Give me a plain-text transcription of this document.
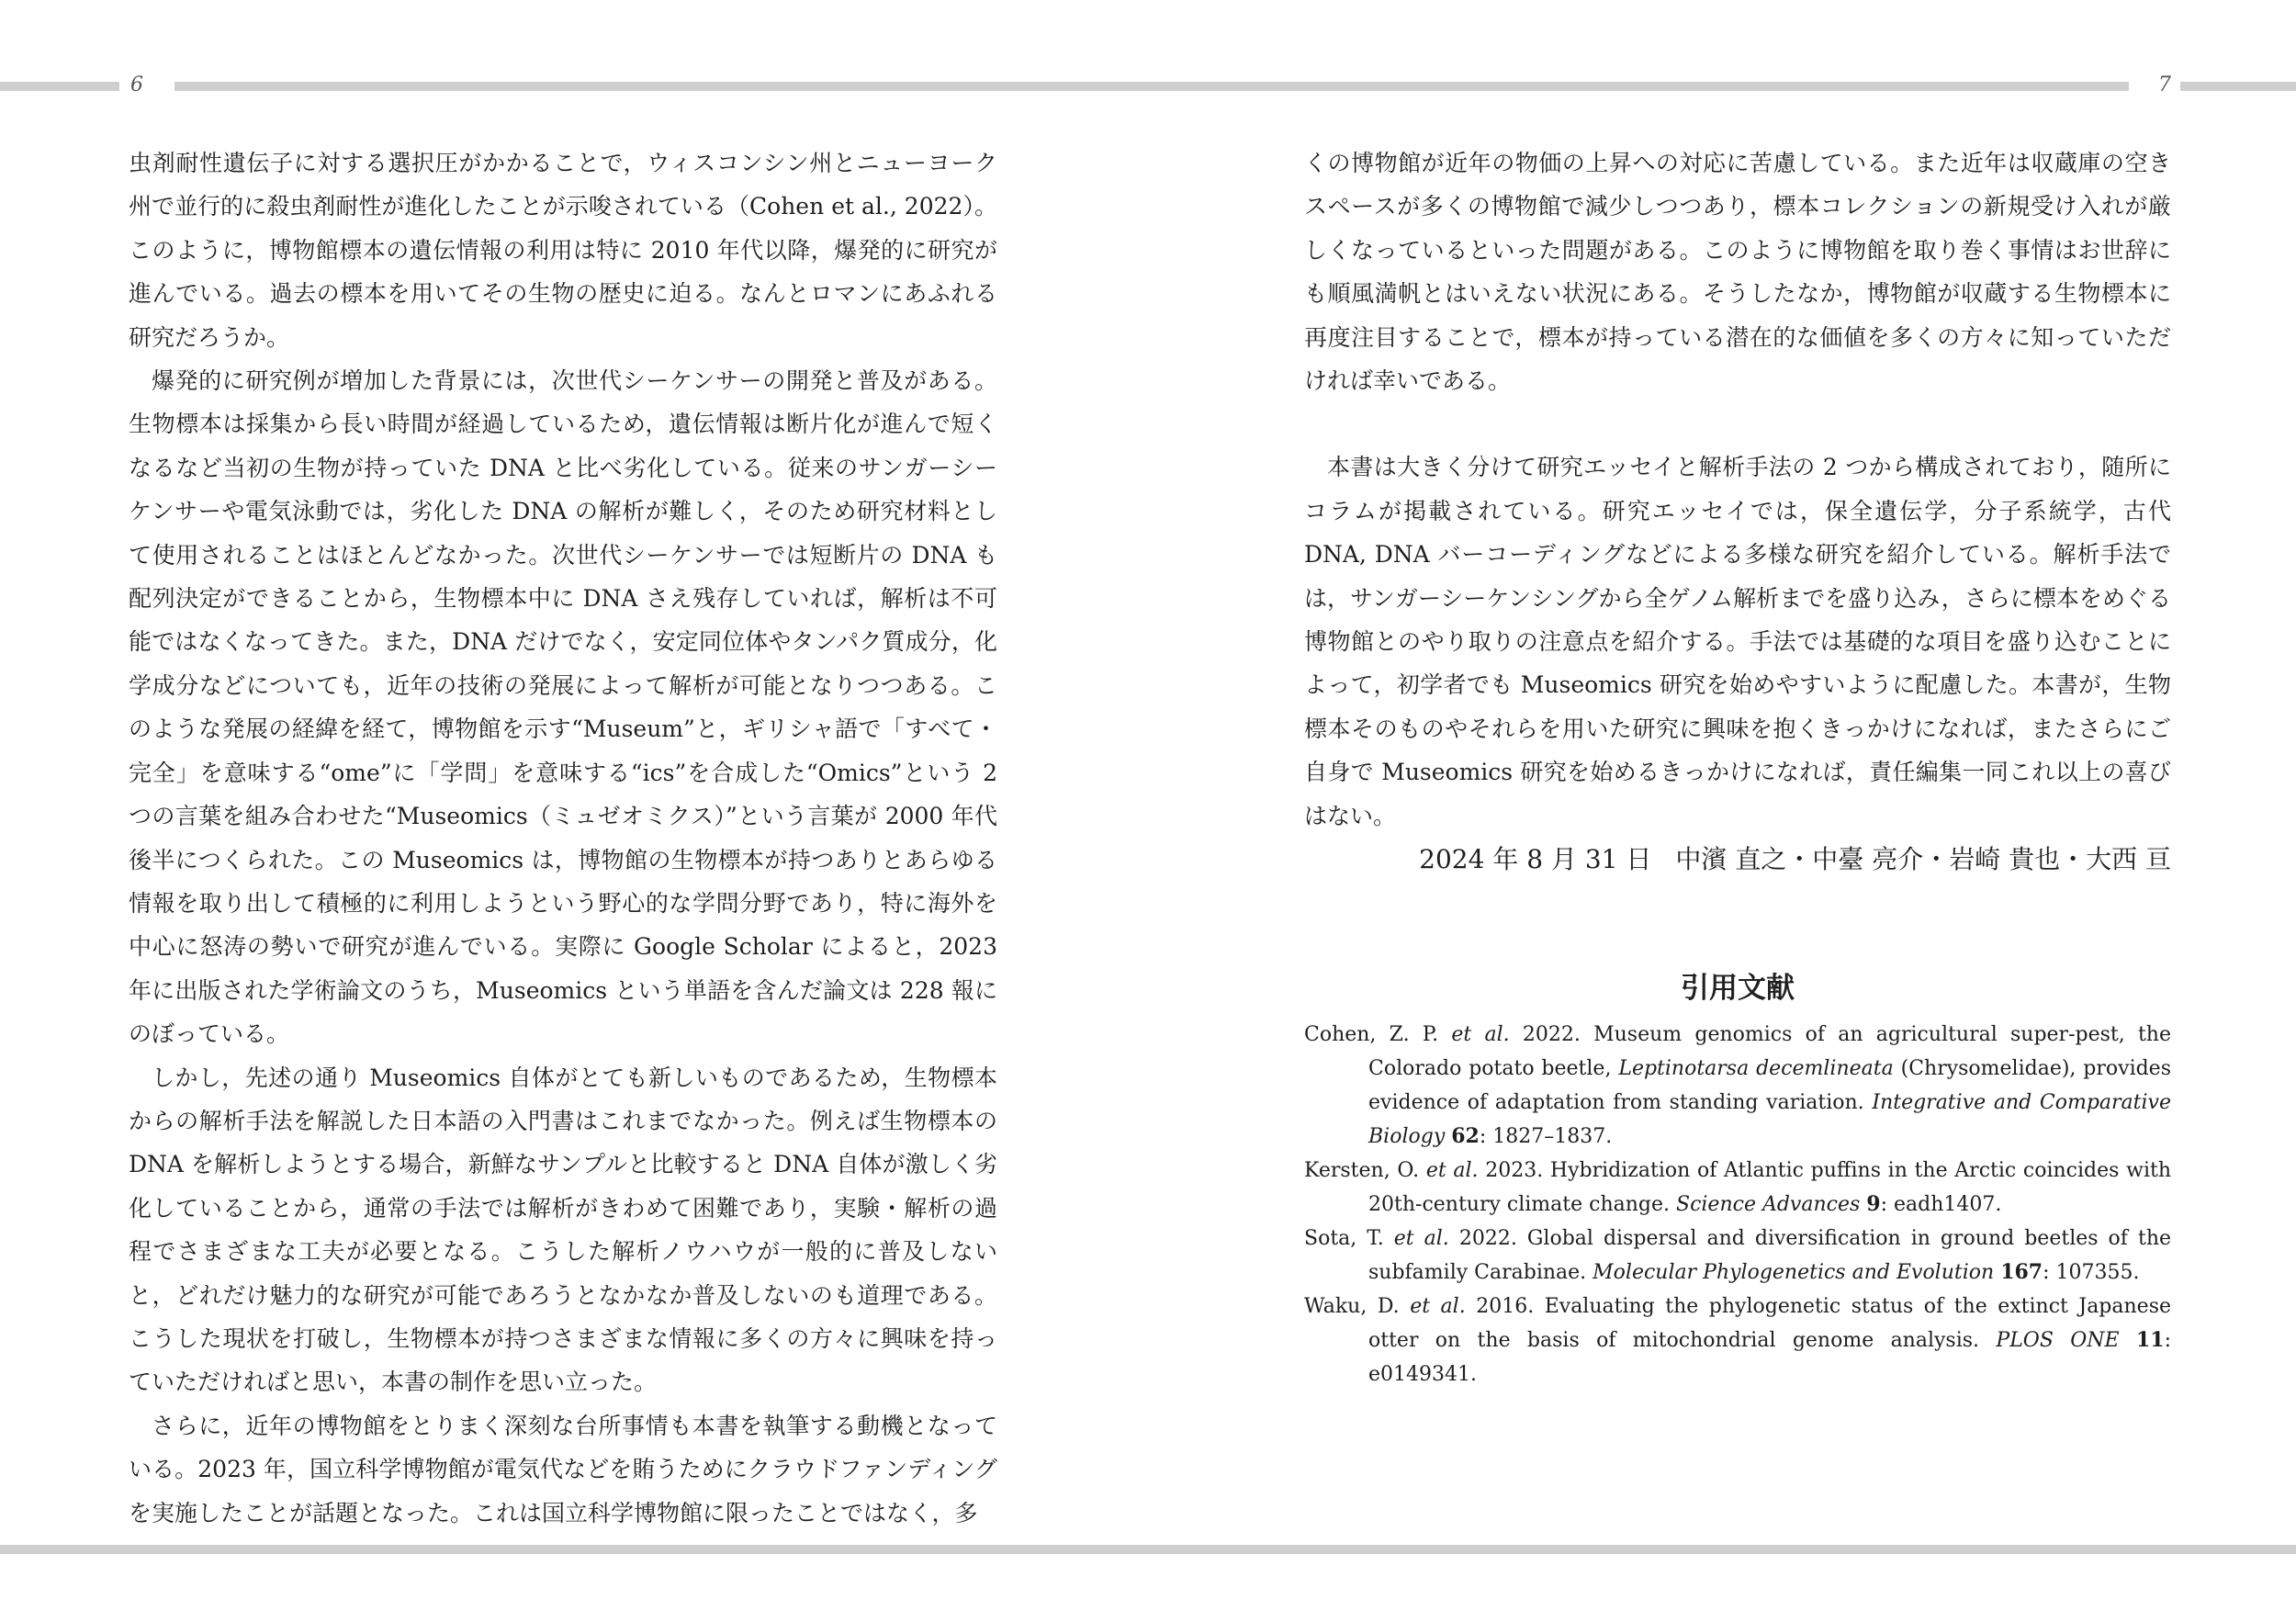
6	7

虫剤耐性遺伝子に対する選択圧がかかることで，ウィスコンシン州とニューヨーク州で並行的に殺虫剤耐性が進化したことが示唆されている（Cohen et al., 2022）。このように，博物館標本の遺伝情報の利用は特に 2010 年代以降，爆発的に研究が進んでいる。過去の標本を用いてその生物の歴史に迫る。なんとロマンにあふれる研究だろうか。

爆発的に研究例が増加した背景には，次世代シーケンサーの開発と普及がある。生物標本は採集から長い時間が経過しているため，遺伝情報は断片化が進んで短くなるなど当初の生物が持っていた DNA と比べ劣化している。従来のサンガーシーケンサーや電気泳動では，劣化した DNA の解析が難しく，そのため研究材料として使用されることはほとんどなかった。次世代シーケンサーでは短断片の DNA も配列決定ができることから，生物標本中に DNA さえ残存していれば，解析は不可能ではなくなってきた。また，DNA だけでなく，安定同位体やタンパク質成分，化学成分などについても，近年の技術の発展によって解析が可能となりつつある。このような発展の経緯を経て，博物館を示す“Museum”と，ギリシャ語で「すべて・完全」を意味する“ome”に「学問」を意味する“ics”を合成した“Omics”という 2 つの言葉を組み合わせた“Museomics（ミュゼオミクス）”という言葉が 2000 年代後半につくられた。この Museomics は，博物館の生物標本が持つありとあらゆる情報を取り出して積極的に利用しようという野心的な学問分野であり，特に海外を中心に怒涛の勢いで研究が進んでいる。実際に Google Scholar によると，2023 年に出版された学術論文のうち，Museomics という単語を含んだ論文は 228 報にのぼっている。

しかし，先述の通り Museomics 自体がとても新しいものであるため，生物標本からの解析手法を解説した日本語の入門書はこれまでなかった。例えば生物標本の DNA を解析しようとする場合，新鮮なサンプルと比較すると DNA 自体が激しく劣化していることから，通常の手法では解析がきわめて困難であり，実験・解析の過程でさまざまな工夫が必要となる。こうした解析ノウハウが一般的に普及しないと，どれだけ魅力的な研究が可能であろうとなかなか普及しないのも道理である。こうした現状を打破し，生物標本が持つさまざまな情報に多くの方々に興味を持っていただければと思い，本書の制作を思い立った。

さらに，近年の博物館をとりまく深刻な台所事情も本書を執筆する動機となっている。2023 年，国立科学博物館が電気代などを賄うためにクラウドファンディングを実施したことが話題となった。これは国立科学博物館に限ったことではなく，多

くの博物館が近年の物価の上昇への対応に苦慮している。また近年は収蔵庫の空きスペースが多くの博物館で減少しつつあり，標本コレクションの新規受け入れが厳しくなっているといった問題がある。このように博物館を取り巻く事情はお世辞にも順風満帆とはいえない状況にある。そうしたなか，博物館が収蔵する生物標本に再度注目することで，標本が持っている潜在的な価値を多くの方々に知っていただければ幸いである。

本書は大きく分けて研究エッセイと解析手法の 2 つから構成されており，随所にコラムが掲載されている。研究エッセイでは，保全遺伝学，分子系統学，古代 DNA, DNA バーコーディングなどによる多様な研究を紹介している。解析手法では，サンガーシーケンシングから全ゲノム解析までを盛り込み，さらに標本をめぐる博物館とのやり取りの注意点を紹介する。手法では基礎的な項目を盛り込むことによって，初学者でも Museomics 研究を始めやすいように配慮した。本書が，生物標本そのものやそれらを用いた研究に興味を抱くきっかけになれば，またさらにご自身で Museomics 研究を始めるきっかけになれば，責任編集一同これ以上の喜びはない。

2024 年 8 月 31 日 中濱 直之・中臺 亮介・岩崎 貴也・大西 亘
引用文献
Cohen, Z. P. et al. 2022. Museum genomics of an agricultural super-pest, the Colorado potato beetle, Leptinotarsa decemlineata (Chrysomelidae), provides evidence of adaptation from standing variation. Integrative and Comparative Biology 62: 1827–1837.
Kersten, O. et al. 2023. Hybridization of Atlantic puffins in the Arctic coincides with 20th-century climate change. Science Advances 9: eadh1407.
Sota, T. et al. 2022. Global dispersal and diversification in ground beetles of the subfamily Carabinae. Molecular Phylogenetics and Evolution 167: 107355.
Waku, D. et al. 2016. Evaluating the phylogenetic status of the extinct Japanese otter on the basis of mitochondrial genome analysis. PLOS ONE 11: e0149341.
